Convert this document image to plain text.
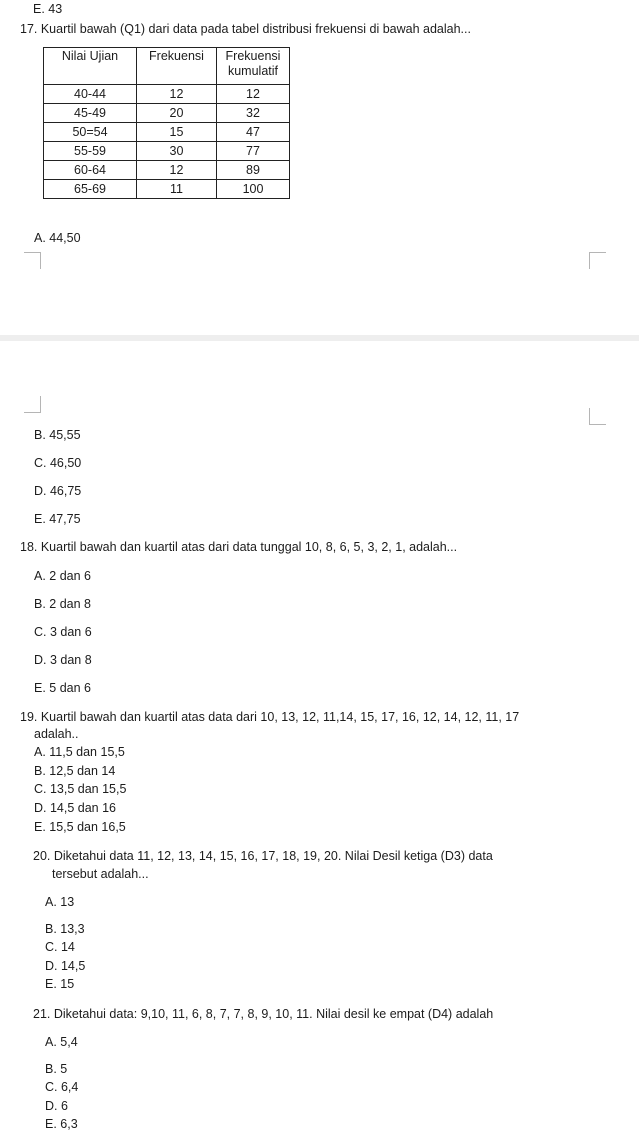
E. 43
17. Kuartil bawah (Q1) dari data pada tabel distribusi frekuensi di bawah adalah...
Nilai Ujian	Frekuensi	Frekuensi kumulatif
40-44	12	12
45-49	20	32
50=54	15	47
55-59	30	77
60-64	12	89
65-69	11	100
A. 44,50
B. 45,55
C. 46,50
D. 46,75
E. 47,75
18. Kuartil bawah dan kuartil atas dari data tunggal 10, 8, 6, 5, 3, 2, 1, adalah...
A. 2 dan 6
B. 2 dan 8
C. 3 dan 6
D. 3 dan 8
E. 5 dan 6
19. Kuartil bawah dan kuartil atas data dari 10, 13, 12, 11,14, 15, 17, 16, 12, 14, 12, 11, 17
adalah..
A. 11,5 dan 15,5
B. 12,5 dan 14
C. 13,5 dan 15,5
D. 14,5 dan 16
E. 15,5 dan 16,5
20. Diketahui data 11, 12, 13, 14, 15, 16, 17, 18, 19, 20. Nilai Desil ketiga (D3) data
tersebut adalah...
A. 13
B. 13,3
C. 14
D. 14,5
E. 15
21. Diketahui data: 9,10, 11, 6, 8, 7, 7, 8, 9, 10, 11. Nilai desil ke empat (D4) adalah
A. 5,4
B. 5
C. 6,4
D. 6
E. 6,3
